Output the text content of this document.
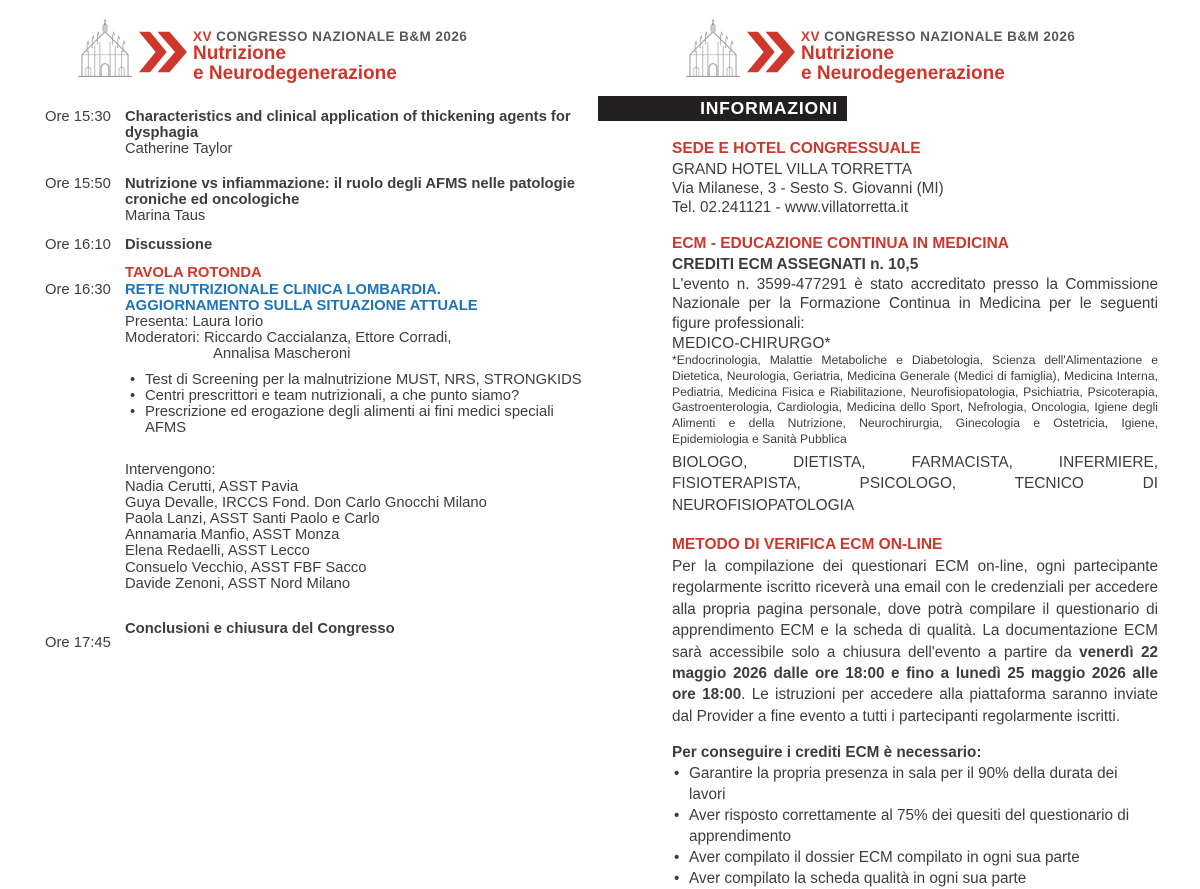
XV CONGRESSO NAZIONALE B&M 2026
Nutrizione
e Neurodegenerazione
XV CONGRESSO NAZIONALE B&M 2026
Nutrizione
e Neurodegenerazione
Ore 15:30 Characteristics and clinical application of thickening agents for dysphagia
Catherine Taylor
Ore 15:50 Nutrizione vs infiammazione: il ruolo degli AFMS nelle patologie croniche ed oncologiche
Marina Taus
Ore 16:10 Discussione
Ore 16:30
TAVOLA ROTONDA
RETE NUTRIZIONALE CLINICA LOMBARDIA.
AGGIORNAMENTO SULLA SITUAZIONE ATTUALE
Presenta: Laura Iorio
Moderatori: Riccardo Caccialanza, Ettore Corradi,
Annalisa Mascheroni
• Test di Screening per la malnutrizione MUST, NRS, STRONGKIDS
• Centri prescrittori e team nutrizionali, a che punto siamo?
• Prescrizione ed erogazione degli alimenti ai fini medici speciali AFMS
Intervengono:
Nadia Cerutti, ASST Pavia
Guya Devalle, IRCCS Fond. Don Carlo Gnocchi Milano
Paola Lanzi, ASST Santi Paolo e Carlo
Annamaria Manfio, ASST Monza
Elena Redaelli, ASST Lecco
Consuelo Vecchio, ASST FBF Sacco
Davide Zenoni, ASST Nord Milano
Ore 17:45
Conclusioni e chiusura del Congresso
INFORMAZIONI
SEDE E HOTEL CONGRESSUALE
GRAND HOTEL VILLA TORRETTA
Via Milanese, 3 - Sesto S. Giovanni (MI)
Tel. 02.241121 - www.villatorretta.it
ECM - EDUCAZIONE CONTINUA IN MEDICINA
CREDITI ECM ASSEGNATI n. 10,5
L'evento n. 3599-477291 è stato accreditato presso la Commissione Nazionale per la Formazione Continua in Medicina per le seguenti figure professionali:
MEDICO-CHIRURGO*
*Endocrinologia, Malattie Metaboliche e Diabetologia, Scienza dell'Alimentazione e Dietetica, Neurologia, Geriatria, Medicina Generale (Medici di famiglia), Medicina Interna, Pediatria, Medicina Fisica e Riabilitazione, Neurofisiopatologia, Psichiatria, Psicoterapia, Gastroenterologia, Cardiologia, Medicina dello Sport, Nefrologia, Oncologia, Igiene degli Alimenti e della Nutrizione, Neurochirurgia, Ginecologia e Ostetricia, Igiene, Epidemiologia e Sanità Pubblica
BIOLOGO, DIETISTA, FARMACISTA, INFERMIERE, FISIOTERAPISTA, PSICOLOGO, TECNICO DI NEUROFISIOPATOLOGIA
METODO DI VERIFICA ECM ON-LINE
Per la compilazione dei questionari ECM on-line, ogni partecipante regolarmente iscritto riceverà una email con le credenziali per accedere alla propria pagina personale, dove potrà compilare il questionario di apprendimento ECM e la scheda di qualità. La documentazione ECM sarà accessibile solo a chiusura dell'evento a partire da venerdì 22 maggio 2026 dalle ore 18:00 e fino a lunedì 25 maggio 2026 alle ore 18:00. Le istruzioni per accedere alla piattaforma saranno inviate dal Provider a fine evento a tutti i partecipanti regolarmente iscritti.
Per conseguire i crediti ECM è necessario:
• Garantire la propria presenza in sala per il 90% della durata dei lavori
• Aver risposto correttamente al 75% dei quesiti del questionario di apprendimento
• Aver compilato il dossier ECM compilato in ogni sua parte
• Aver compilato la scheda qualità in ogni sua parte
